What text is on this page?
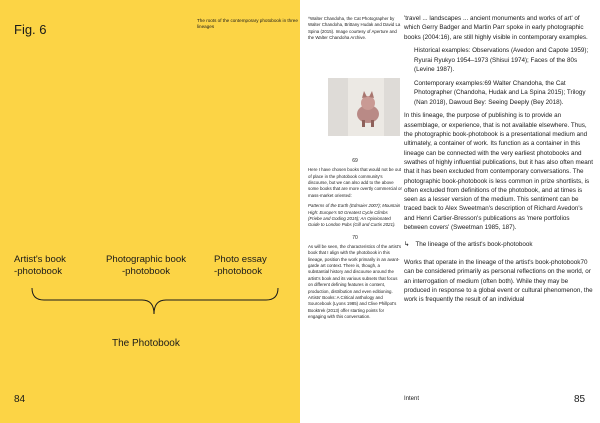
Fig. 6
The roots of the contemporary photobook in three lineages
Artist's book
-photobook
Photographic book
-photobook
Photo essay
-photobook
The Photobook
84

^Walter Chandoha, the Cat Photographer by Walter Chandoha, Brittany Hudak and David La Spina (2015). Image courtesy of Aperture and the Walter Chandoha Archive.

69

Here I have chosen books that would not be out of place in the photobook community's discourse, but we can also add to the above some books that are more overtly commercial or mass-market oriented:

Patterns of the Earth (Edmaier 2007); Mountain High: Europe's 50 Greatest Cycle Climbs (Friebe and Goding 2015); An Opinionated Guide to London Pubs (Gill and Curtis 2021).

70

As will be seen, the characteristics of the artist's book that I align with the photobook in this lineage, position the work primarily in an avant-garde art context. There is, though, a substantial history and discourse around the artist's book and its various subsets that focus on different defining features in content, production, distribution and even editioning. Artists' Books: A Critical anthology and Sourcebook (Lyons 1985) and Clive Phillpot's Booktrek (2013) offer starting points for engaging with this conversation.

'travel ... landscapes ... ancient monuments and works of art' of which Gerry Badger and Martin Parr spoke in early photographic books (2004:16), are still highly visible in contemporary examples.

Historical examples: Observations (Avedon and Capote 1959); Ryurai Ryukyo 1954–1973 (Shisui 1974); Faces of the 80s (Levine 1987).

Contemporary examples:69 Walter Chandoha, the Cat Photographer (Chandoha, Hudak and La Spina 2015); Trilogy (Nan 2018), Dawoud Bey: Seeing Deeply (Bey 2018).

In this lineage, the purpose of publishing is to provide an assemblage, or experience, that is not available elsewhere. Thus, the photographic book-photobook is a presentational medium and ultimately, a container of work. Its function as a container in this lineage can be connected with the very earliest photobooks and swathes of highly influential publications, but it has also often meant that it has been excluded from contemporary conversations. The photographic book-photobook is less common in prize shortlists, is often excluded from definitions of the photobook, and at times is seen as a lesser version of the medium. This sentiment can be traced back to Alex Sweetman's description of Richard Avedon's and Henri Cartier-Bresson's publications as 'mere portfolios between covers' (Sweetman 1985, 187).

↳ The lineage of the artist's book-photobook

Works that operate in the lineage of the artist's book-photobook70 can be considered primarily as personal reflections on the world, or an interrogation of medium (often both). While they may be produced in response to a global event or cultural phenomenon, the work is frequently the result of an individual

Intent	85
